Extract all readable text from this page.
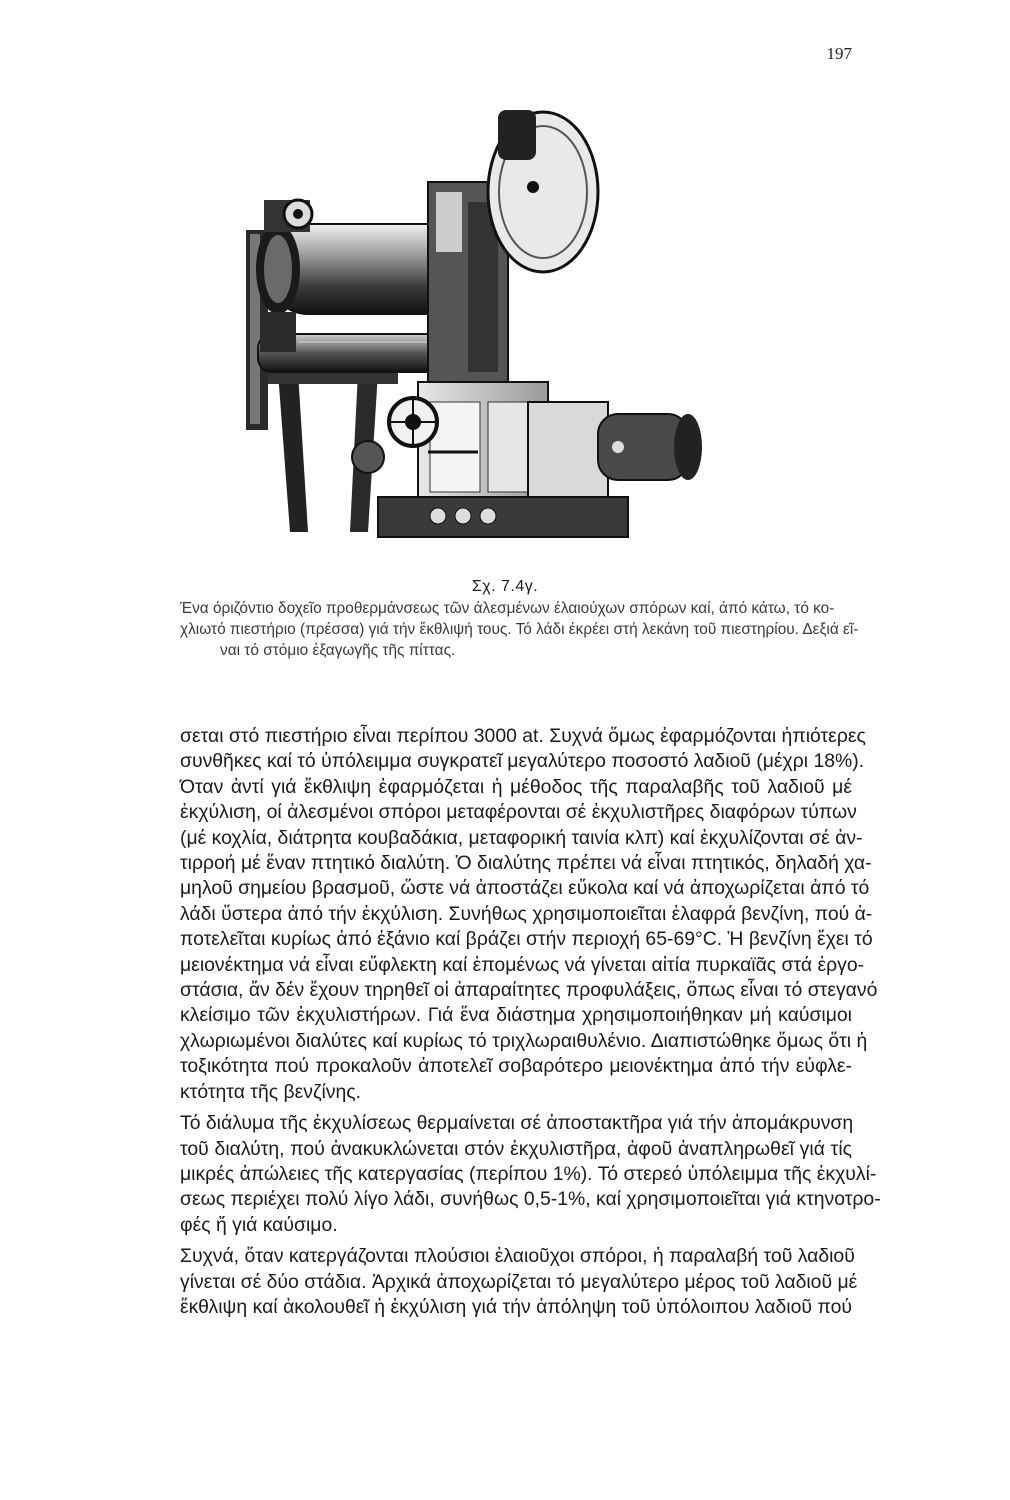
197
Σχ. 7.4γ.
Ένα όριζόντιο δοχεῖο προθερμάνσεως τῶν άλεσμένων έλαιούχων σπόρων καί, άπό κάτω, τό κο-
χλιωτό πιεστήριο (πρέσσα) γιά τήν ἔκθλιψή τους. Τό λάδι έκρέει στή λεκάνη τοῦ πιεστηρίου. Δεξιά εῖ-
ναι τό στόμιο ἐξαγωγῆς τῆς πίττας.
σεται στό πιεστήριο εἶναι περίπου 3000 at. Συχνά ὅμως ἐφαρμόζονται ἠπιότερες
συνθῆκες καί τό ὑπόλειμμα συγκρατεῖ μεγαλύτερο ποσοστό λαδιοῦ (μέχρι 18%).
Όταν ἀντί γιά ἔκθλιψη ἐφαρμόζεται ἡ μέθοδος τῆς παραλαβῆς τοῦ λαδιοῦ μέ
ἐκχύλιση, οί ἀλεσμένοι σπόροι μεταφέρονται σέ ἐκχυλιστῆρες διαφόρων τύπων
(μέ κοχλία, διάτρητα κουβαδάκια, μεταφορική ταινία κλπ) καί ἐκχυλίζονται σέ ἀν-
τιρροή μέ ἕναν πτητικό διαλύτη. Ὁ διαλύτης πρέπει νά εἶναι πτητικός, δηλαδή χα-
μηλοῦ σημείου βρασμοῦ, ὥστε νά ἀποστάζει εὔκολα καί νά ἀποχωρίζεται ἀπό τό
λάδι ὕστερα ἀπό τήν ἐκχύλιση. Συνήθως χρησιμοποιεῖται ἐλαφρά βενζίνη, πού ἀ-
ποτελεῖται κυρίως ἀπό ἑξάνιο καί βράζει στήν περιοχή 65-69°C. Ἡ βενζίνη ἔχει τό
μειονέκτημα νά εἶναι εὔφλεκτη καί ἑπομένως νά γίνεται αἰτία πυρκαϊᾶς στά ἐργο-
στάσια, ἄν δέν ἔχουν τηρηθεῖ οἱ ἀπαραίτητες προφυλάξεις, ὅπως εἶναι τό στεγανό
κλείσιμο τῶν ἐκχυλιστήρων. Γιά ἕνα διάστημα χρησιμοποιήθηκαν μή καύσιμοι
χλωριωμένοι διαλύτες καί κυρίως τό τριχλωραιθυλένιο. Διαπιστώθηκε ὅμως ὅτι ἡ
τοξικότητα πού προκαλοῦν ἀποτελεῖ σοβαρότερο μειονέκτημα ἀπό τήν εὐφλε-
κτότητα τῆς βενζίνης.
Τό διάλυμα τῆς ἐκχυλίσεως θερμαίνεται σέ ἀποστακτῆρα γιά τήν ἀπομάκρυνση
τοῦ διαλύτη, πού ἀνακυκλώνεται στόν ἐκχυλιστῆρα, ἀφοῦ ἀναπληρωθεῖ γιά τίς
μικρές ἀπώλειες τῆς κατεργασίας (περίπου 1%). Τό στερεό ὑπόλειμμα τῆς ἐκχυλί-
σεως περιέχει πολύ λίγο λάδι, συνήθως 0,5-1%, καί χρησιμοποιεῖται γιά κτηνοτρο-
φές ἤ γιά καύσιμο.
Συχνά, ὅταν κατεργάζονται πλούσιοι ἐλαιοῦχοι σπόροι, ἡ παραλαβή τοῦ λαδιοῦ
γίνεται σέ δύο στάδια. Ἀρχικά ἀποχωρίζεται τό μεγαλύτερο μέρος τοῦ λαδιοῦ μέ
ἔκθλιψη καί ἀκολουθεῖ ἡ ἐκχύλιση γιά τήν ἀπόληψη τοῦ ὑπόλοιπου λαδιοῦ πού
